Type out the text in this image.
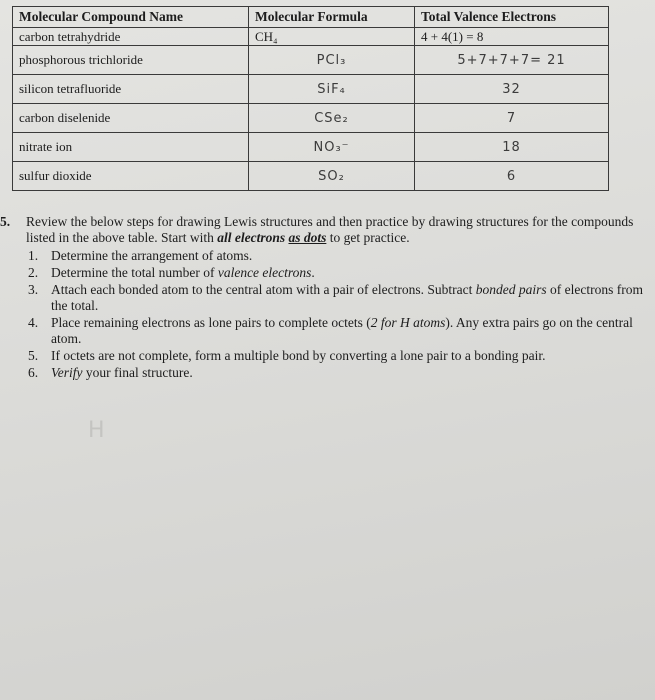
Molecular Compound Name	Molecular Formula	Total Valence Electrons
carbon tetrahydride	CH₄	4 + 4(1) = 8
phosphorous trichloride	PCl₃	5+7+7+7= 21
silicon tetrafluoride	SiF₄	32
carbon diselenide	CSe₂	7
nitrate ion	NO₃⁻	18
sulfur dioxide	SO₂	6
5. Review the below steps for drawing Lewis structures and then practice by drawing structures for the compounds listed in the above table. Start with all electrons as dots to get practice.
1. Determine the arrangement of atoms.
2. Determine the total number of valence electrons.
3. Attach each bonded atom to the central atom with a pair of electrons. Subtract bonded pairs of electrons from the total.
4. Place remaining electrons as lone pairs to complete octets (2 for H atoms). Any extra pairs go on the central atom.
5. If octets are not complete, form a multiple bond by converting a lone pair to a bonding pair.
6. Verify your final structure.
H
